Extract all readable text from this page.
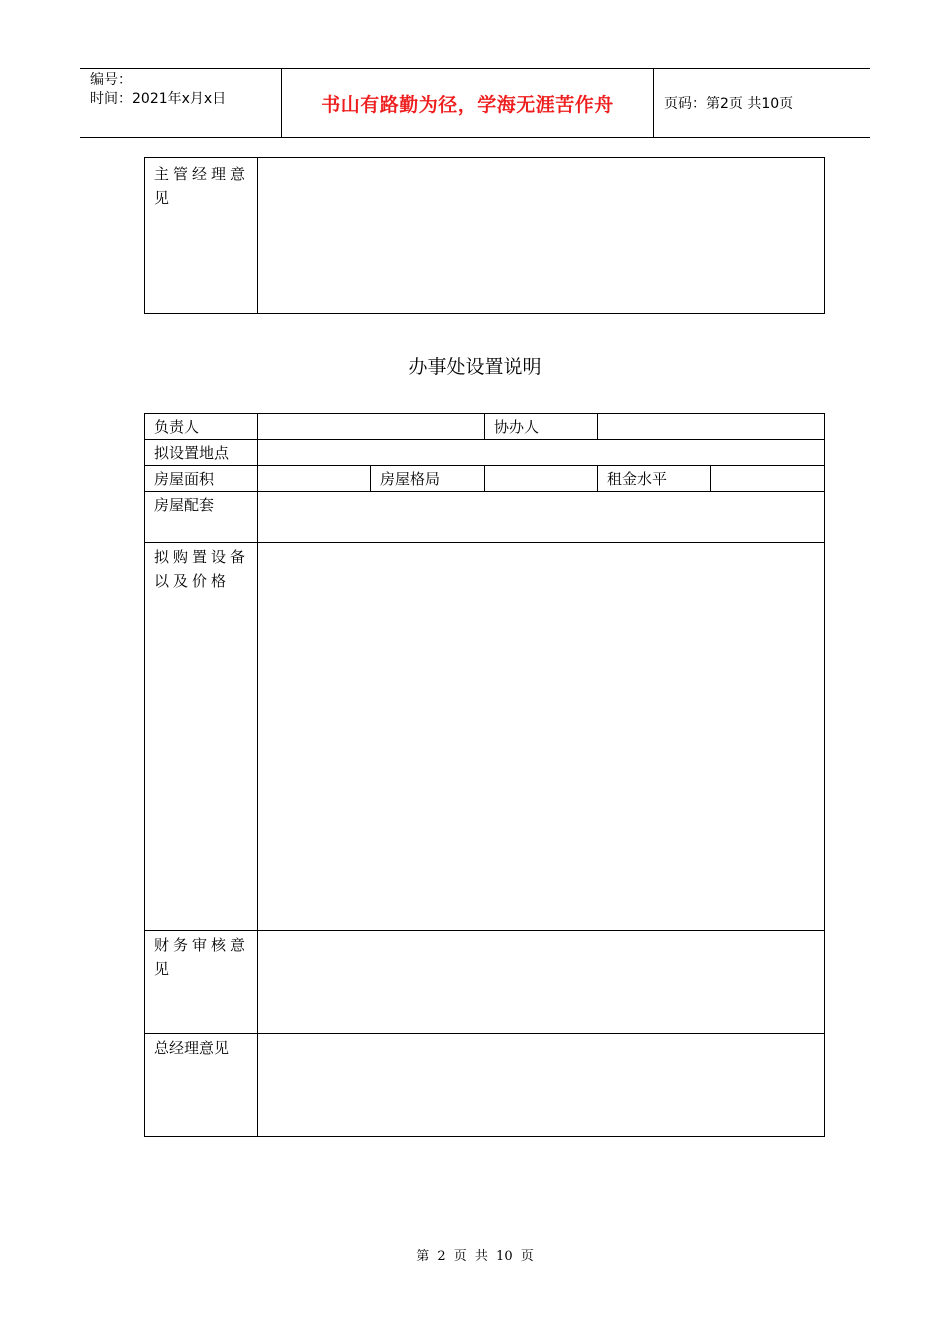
编号：
时间：2021年x月x日	书山有路勤为径，学海无涯苦作舟	页码：第2页 共10页
主管经理意见
办事处设置说明
负责人	协办人
拟设置地点
房屋面积	房屋格局	租金水平
房屋配套
拟购置设备以及价格
财务审核意见
总经理意见
第 2 页 共 10 页
